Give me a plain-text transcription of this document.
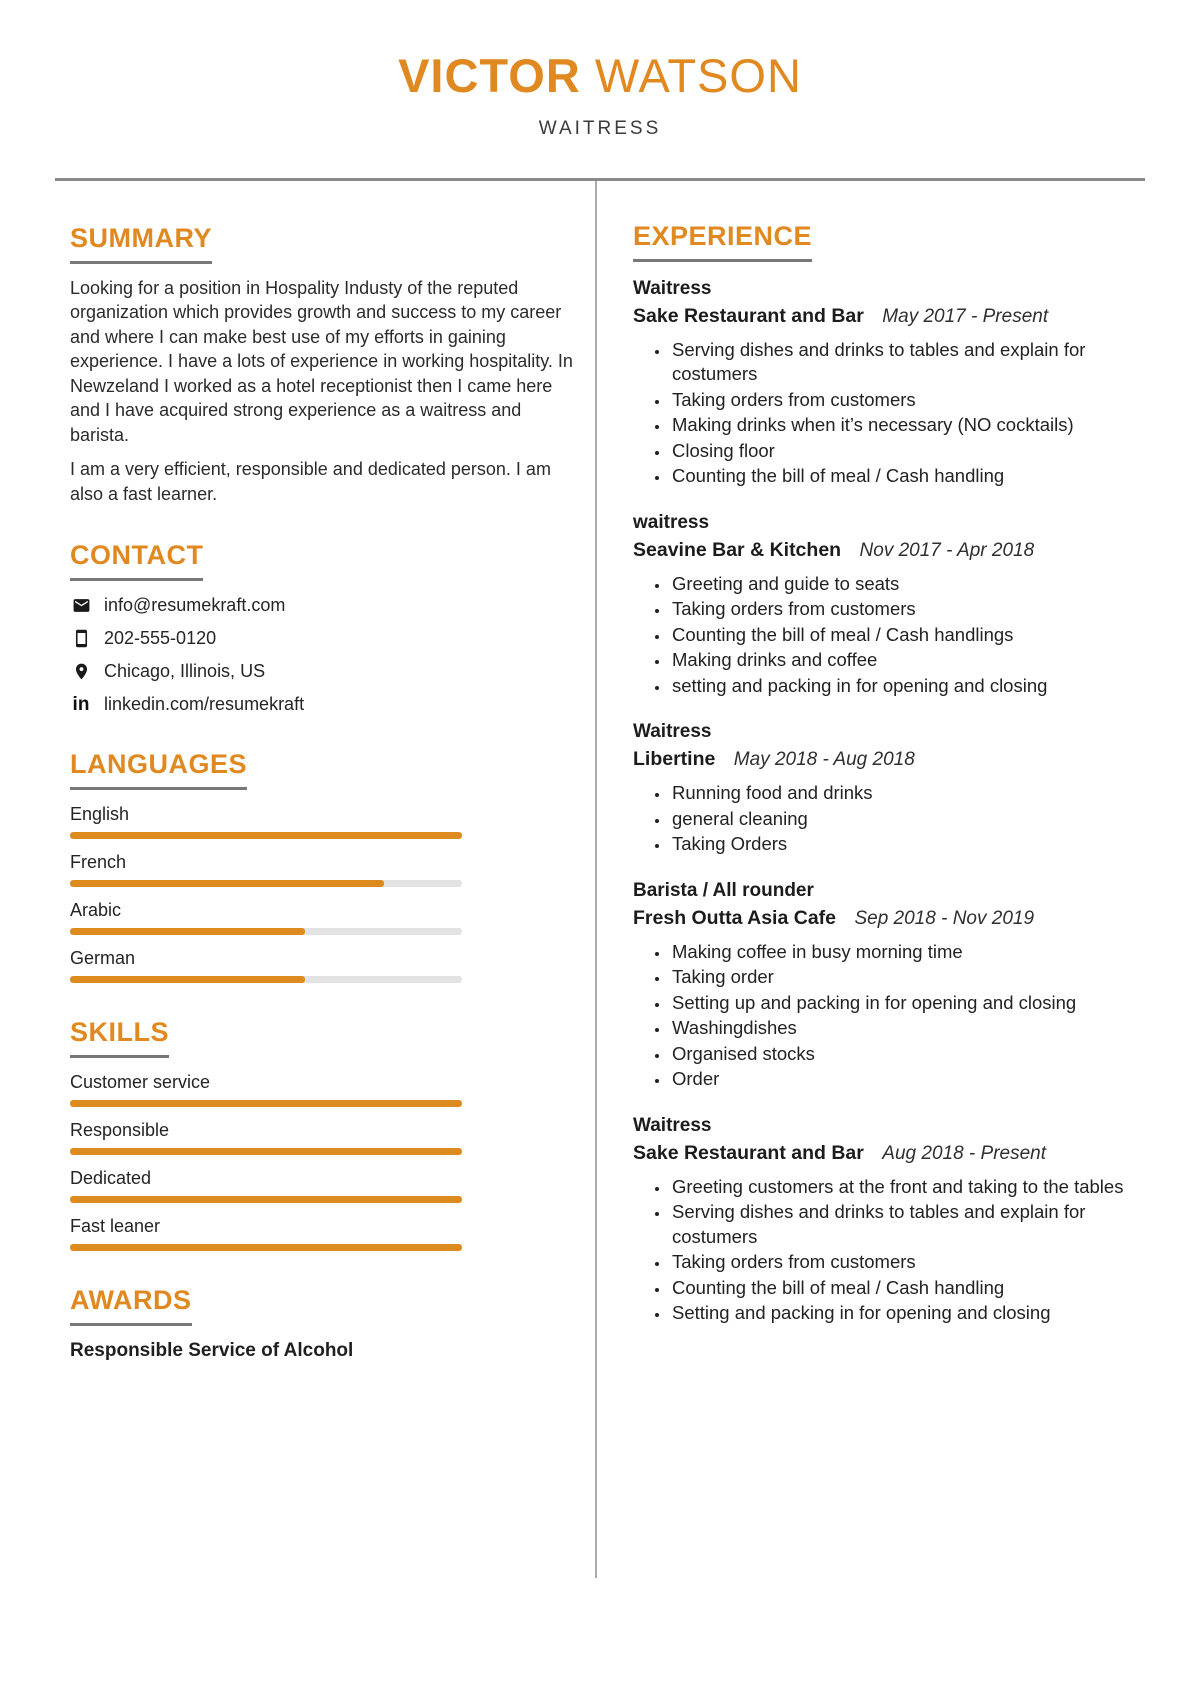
VICTOR WATSON
WAITRESS
SUMMARY

Looking for a position in Hospality Industy of the reputed organization which provides growth and success to my career and where I can make best use of my efforts in gaining experience. I have a lots of experience in working hospitality. In Newzeland I worked as a hotel receptionist then I came here and I have acquired strong experience as a waitress and barista.

I am a very efficient, responsible and dedicated person. I am also a fast learner.

CONTACT
info@resumekraft.com
202-555-0120
Chicago, Illinois, US
in linkedin.com/resumekraft
LANGUAGES
English
French
Arabic
German
SKILLS
Customer service
Responsible
Dedicated
Fast leaner
AWARDS
Responsible Service of Alcohol
EXPERIENCE
Waitress
Sake Restaurant and Bar May 2017 - Present
• Serving dishes and drinks to tables and explain for costumers
• Taking orders from customers
• Making drinks when it’s necessary (NO cocktails)
• Closing floor
• Counting the bill of meal / Cash handling
waitress
Seavine Bar & Kitchen Nov 2017 - Apr 2018
• Greeting and guide to seats
• Taking orders from customers
• Counting the bill of meal / Cash handlings
• Making drinks and coffee
• setting and packing in for opening and closing
Waitress
Libertine May 2018 - Aug 2018
• Running food and drinks
• general cleaning
• Taking Orders
Barista / All rounder
Fresh Outta Asia Cafe Sep 2018 - Nov 2019
• Making coffee in busy morning time
• Taking order
• Setting up and packing in for opening and closing
• Washingdishes
• Organised stocks
• Order
Waitress
Sake Restaurant and Bar Aug 2018 - Present
• Greeting customers at the front and taking to the tables
• Serving dishes and drinks to tables and explain for costumers
• Taking orders from customers
• Counting the bill of meal / Cash handling
• Setting and packing in for opening and closing
